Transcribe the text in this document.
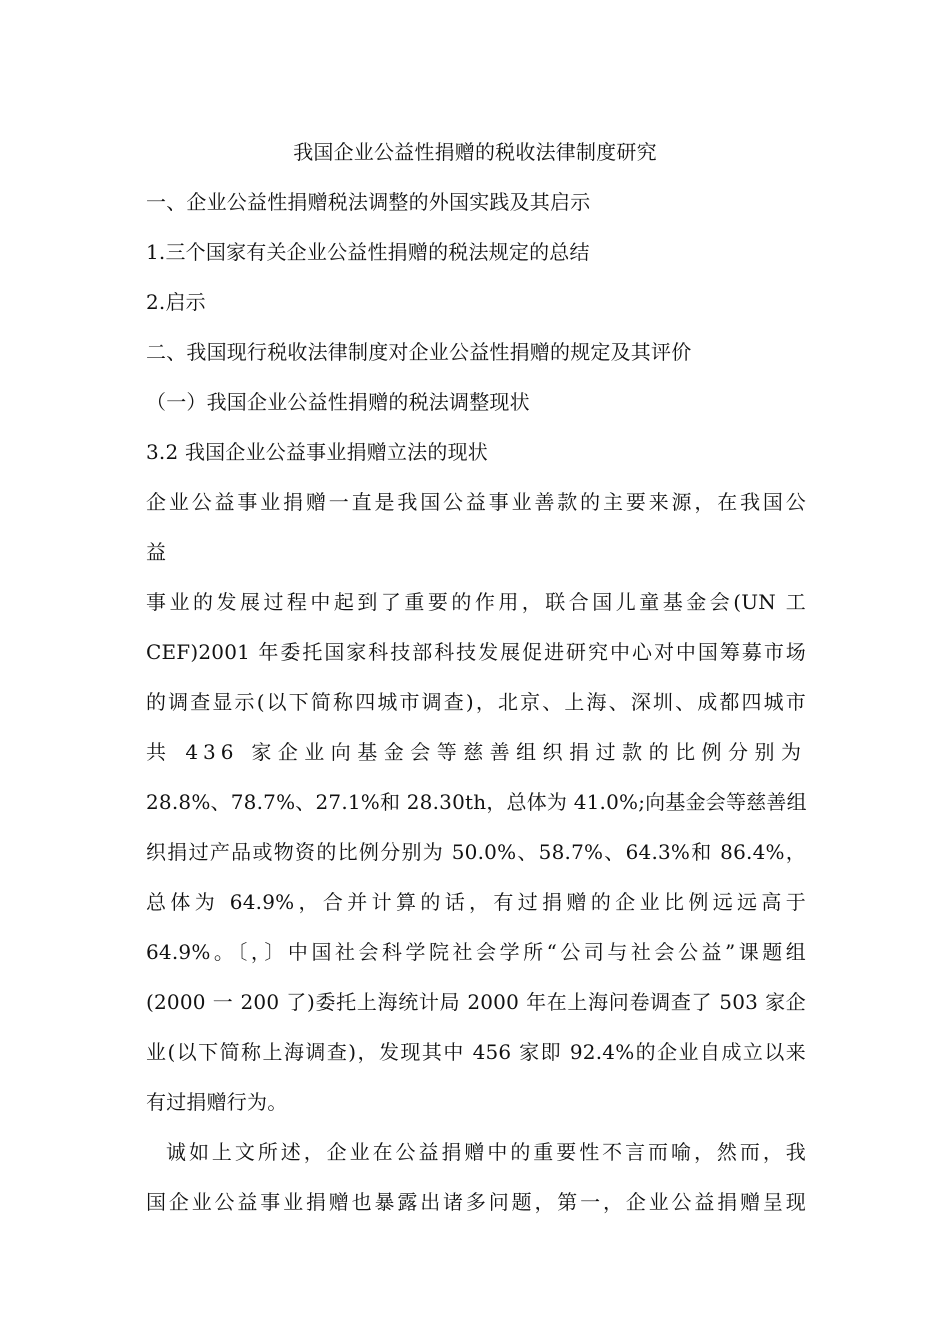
我国企业公益性捐赠的税收法律制度研究
一、企业公益性捐赠税法调整的外国实践及其启示
1.三个国家有关企业公益性捐赠的税法规定的总结
2.启示
二、我国现行税收法律制度对企业公益性捐赠的规定及其评价
（一）我国企业公益性捐赠的税法调整现状
3.2 我国企业公益事业捐赠立法的现状
企业公益事业捐赠一直是我国公益事业善款的主要来源，在我国公
益
事业的发展过程中起到了重要的作用，联合国儿童基金会(UN 工
CEF)2001 年委托国家科技部科技发展促进研究中心对中国筹募市场
的调查显示(以下简称四城市调查)，北京、上海、深圳、成都四城市
共 436 家企业向基金会等慈善组织捐过款的比例分别为
28.8%、78.7%、27.1%和 28.30th，总体为 41.0%;向基金会等慈善组
织捐过产品或物资的比例分别为 50.0%、58.7%、64.3%和 86.4%，
总体为 64.9%，合并计算的话，有过捐赠的企业比例远远高于
64.9%。〔，〕中国社会科学院社会学所“公司与社会公益”课题组
(2000 一 200 了)委托上海统计局 2000 年在上海问卷调查了 503 家企
业(以下简称上海调查)，发现其中 456 家即 92.4%的企业自成立以来
有过捐赠行为。
诚如上文所述，企业在公益捐赠中的重要性不言而喻，然而，我
国企业公益事业捐赠也暴露出诸多问题，第一，企业公益捐赠呈现
